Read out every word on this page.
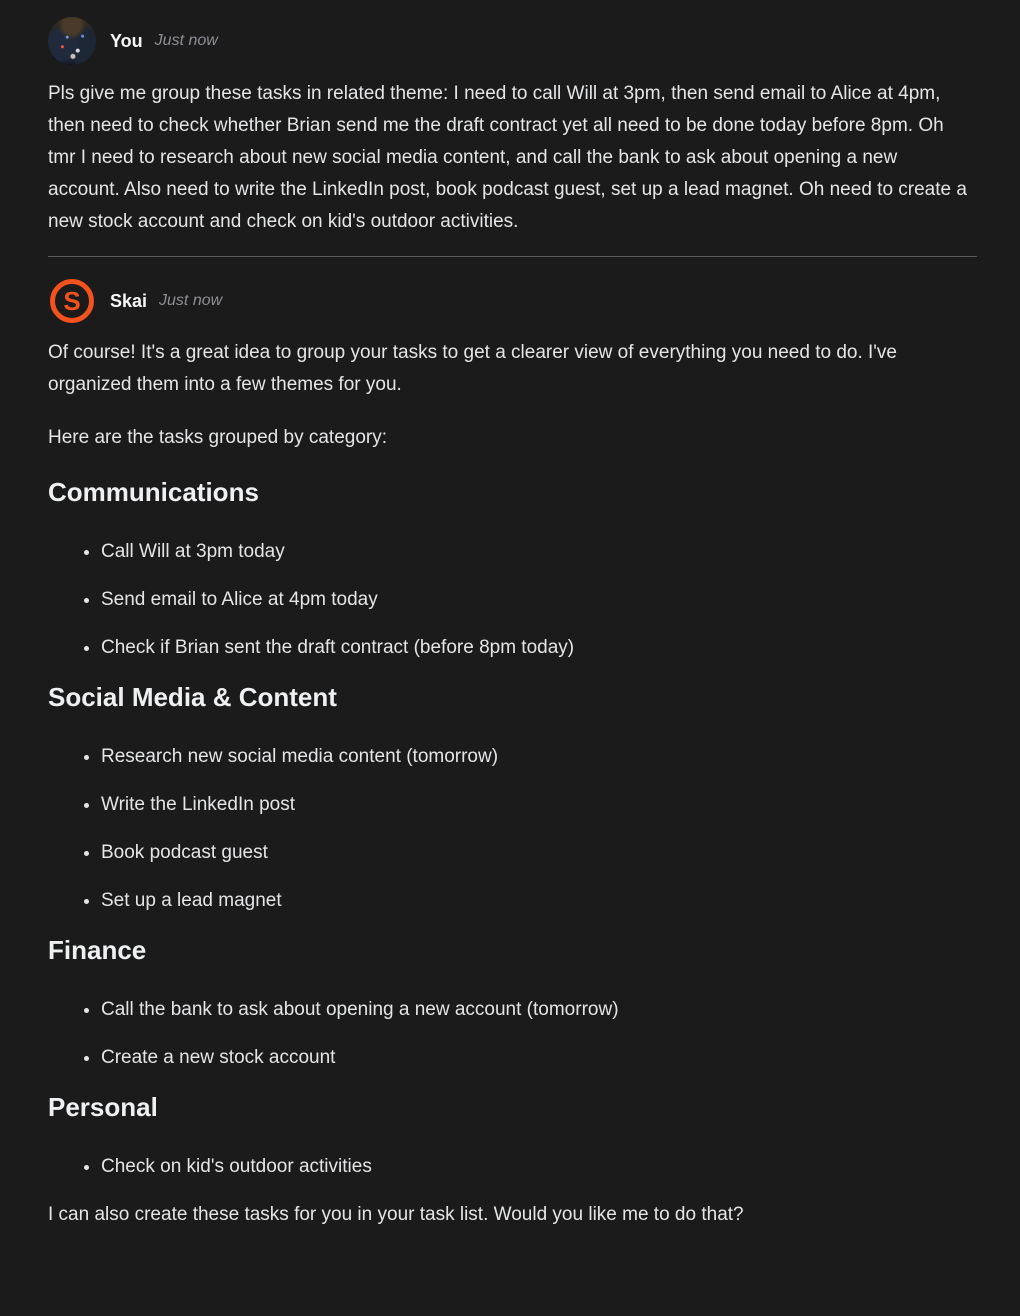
You Just now

Pls give me group these tasks in related theme: I need to call Will at 3pm, then send email to Alice at 4pm, then need to check whether Brian send me the draft contract yet all need to be done today before 8pm. Oh tmr I need to research about new social media content, and call the bank to ask about opening a new account. Also need to write the LinkedIn post, book podcast guest, set up a lead magnet. Oh need to create a new stock account and check on kid's outdoor activities.

S Skai Just now

Of course! It's a great idea to group your tasks to get a clearer view of everything you need to do. I've organized them into a few themes for you.

Here are the tasks grouped by category:

Communications
• Call Will at 3pm today
• Send email to Alice at 4pm today
• Check if Brian sent the draft contract (before 8pm today)
Social Media & Content
• Research new social media content (tomorrow)
• Write the LinkedIn post
• Book podcast guest
• Set up a lead magnet
Finance
• Call the bank to ask about opening a new account (tomorrow)
• Create a new stock account
Personal
• Check on kid's outdoor activities

I can also create these tasks for you in your task list. Would you like me to do that?
